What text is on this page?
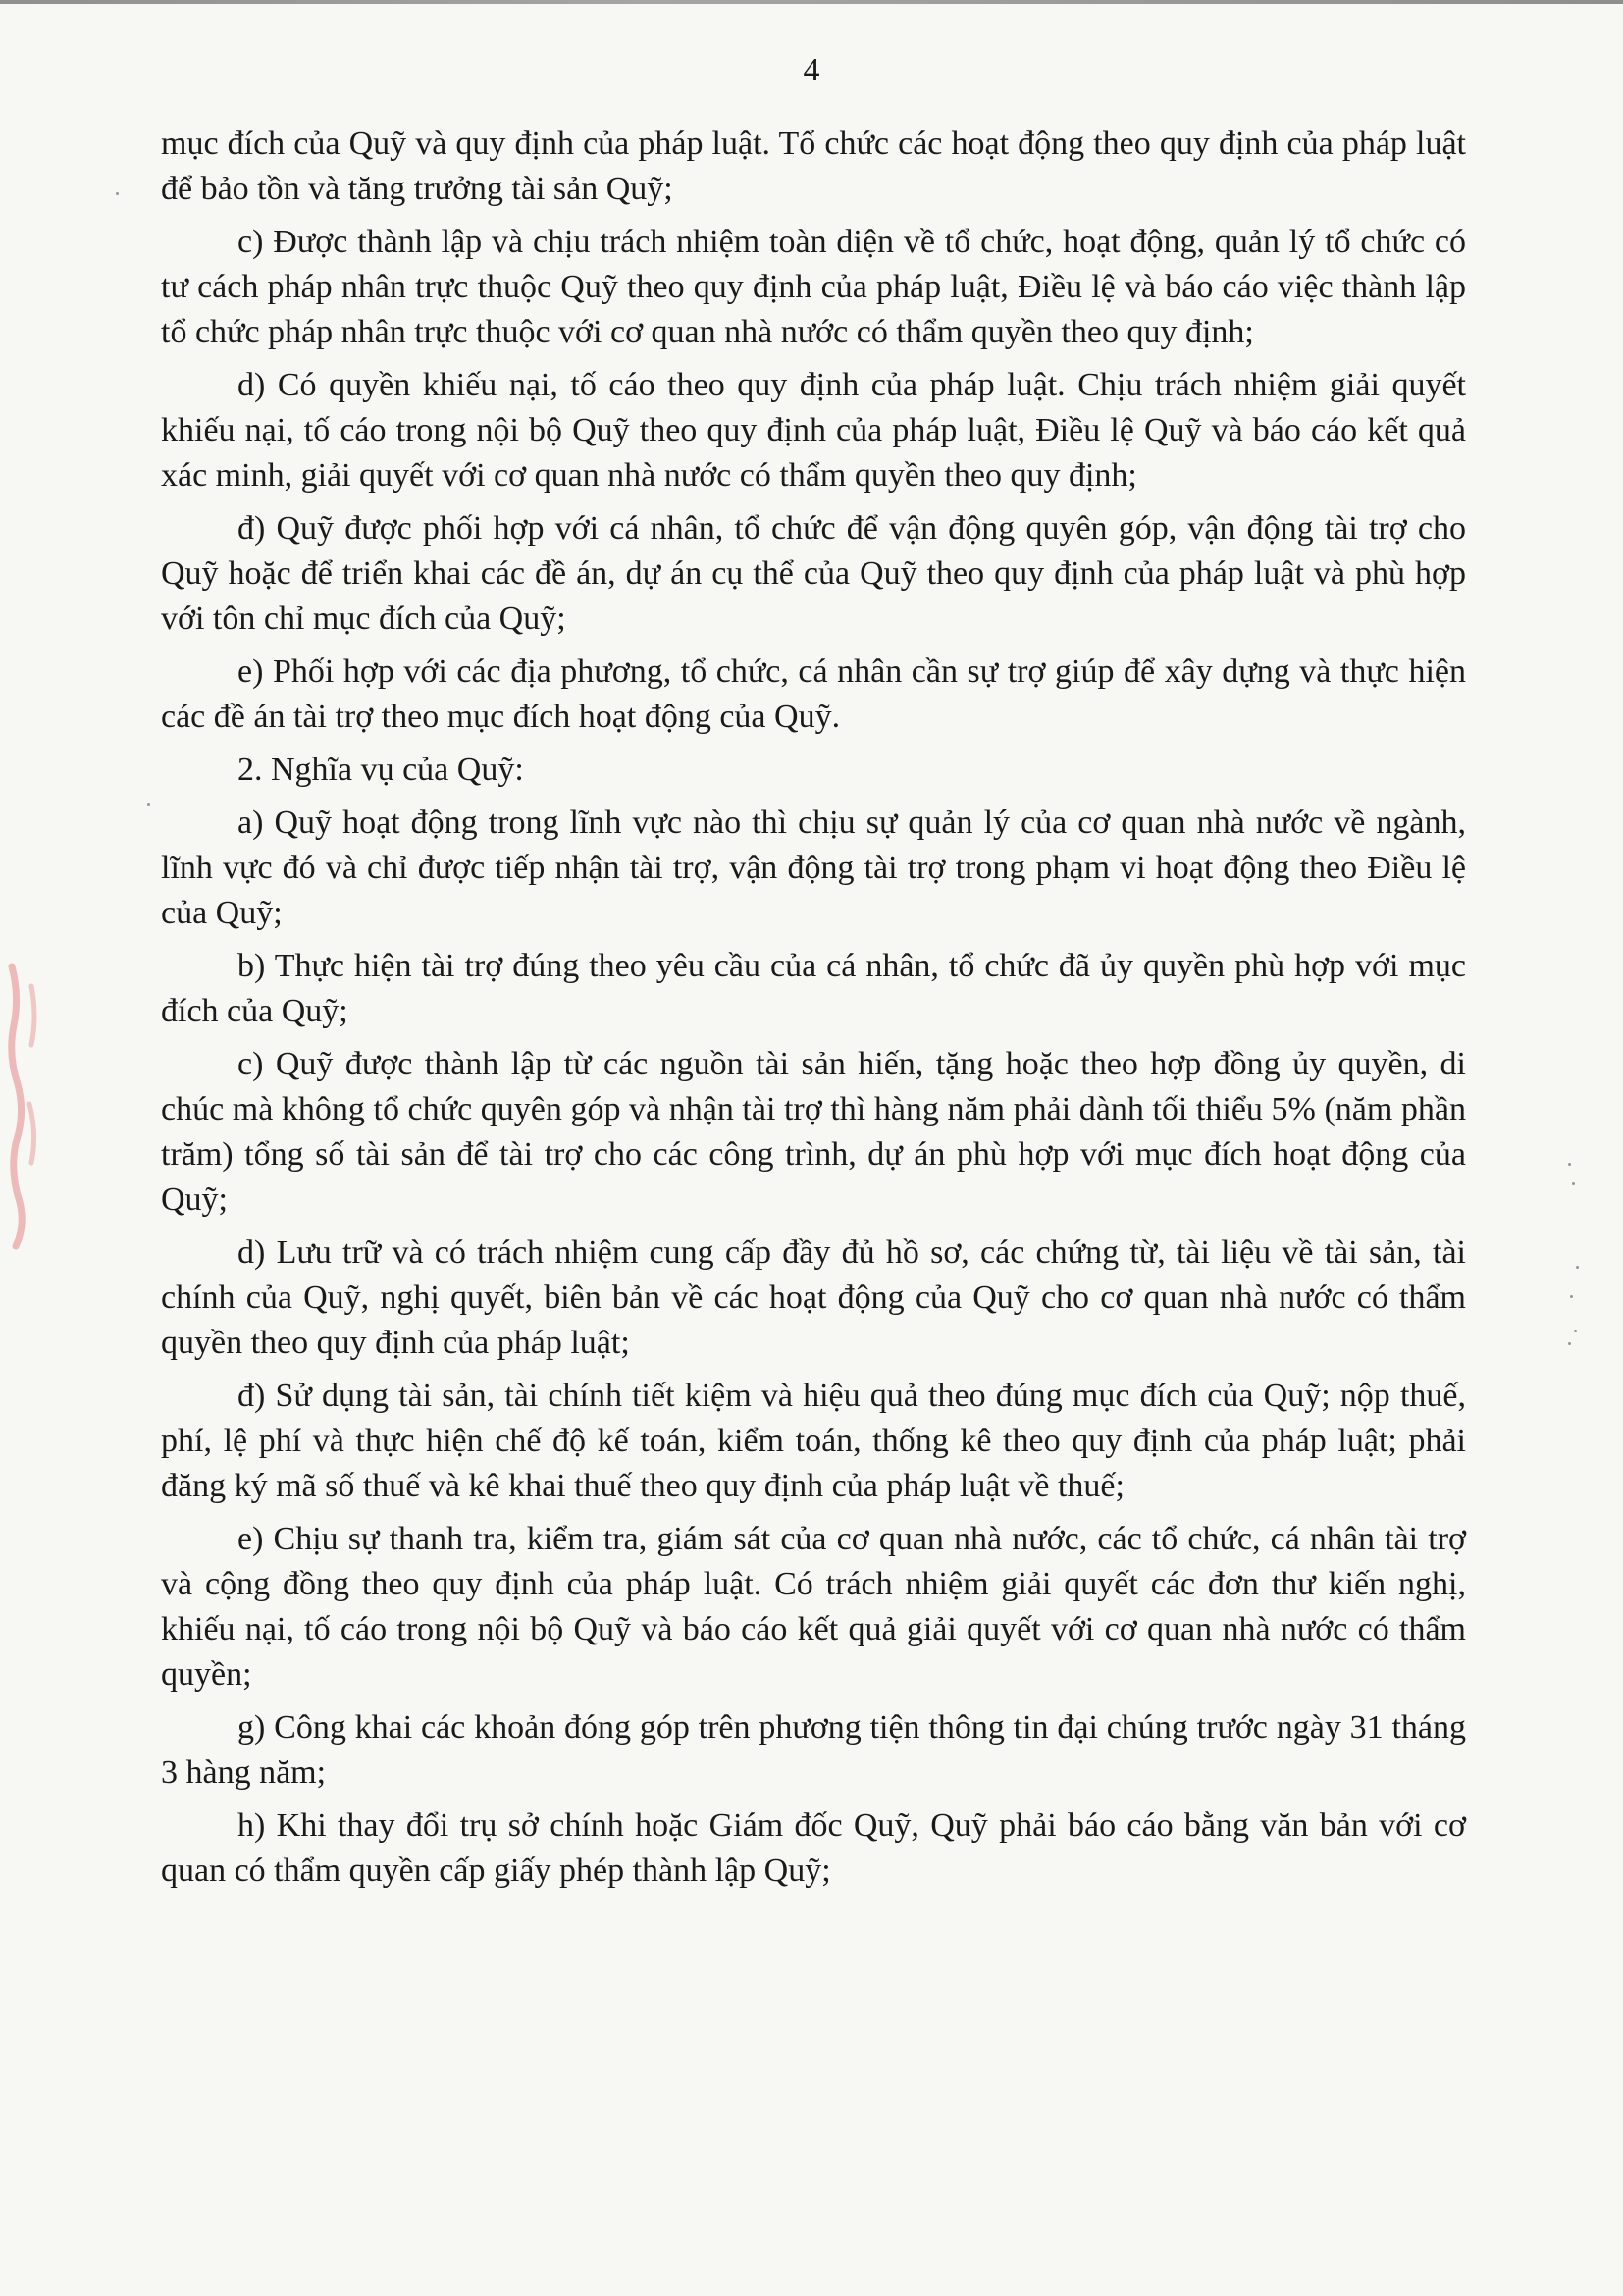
4

mục đích của Quỹ và quy định của pháp luật. Tổ chức các hoạt động theo quy định của pháp luật để bảo tồn và tăng trưởng tài sản Quỹ;

c) Được thành lập và chịu trách nhiệm toàn diện về tổ chức, hoạt động, quản lý tổ chức có tư cách pháp nhân trực thuộc Quỹ theo quy định của pháp luật, Điều lệ và báo cáo việc thành lập tổ chức pháp nhân trực thuộc với cơ quan nhà nước có thẩm quyền theo quy định;

d) Có quyền khiếu nại, tố cáo theo quy định của pháp luật. Chịu trách nhiệm giải quyết khiếu nại, tố cáo trong nội bộ Quỹ theo quy định của pháp luật, Điều lệ Quỹ và báo cáo kết quả xác minh, giải quyết với cơ quan nhà nước có thẩm quyền theo quy định;

đ) Quỹ được phối hợp với cá nhân, tổ chức để vận động quyên góp, vận động tài trợ cho Quỹ hoặc để triển khai các đề án, dự án cụ thể của Quỹ theo quy định của pháp luật và phù hợp với tôn chỉ mục đích của Quỹ;

e) Phối hợp với các địa phương, tổ chức, cá nhân cần sự trợ giúp để xây dựng và thực hiện các đề án tài trợ theo mục đích hoạt động của Quỹ.

2. Nghĩa vụ của Quỹ:

a) Quỹ hoạt động trong lĩnh vực nào thì chịu sự quản lý của cơ quan nhà nước về ngành, lĩnh vực đó và chỉ được tiếp nhận tài trợ, vận động tài trợ trong phạm vi hoạt động theo Điều lệ của Quỹ;

b) Thực hiện tài trợ đúng theo yêu cầu của cá nhân, tổ chức đã ủy quyền phù hợp với mục đích của Quỹ;

c) Quỹ được thành lập từ các nguồn tài sản hiến, tặng hoặc theo hợp đồng ủy quyền, di chúc mà không tổ chức quyên góp và nhận tài trợ thì hàng năm phải dành tối thiểu 5% (năm phần trăm) tổng số tài sản để tài trợ cho các công trình, dự án phù hợp với mục đích hoạt động của Quỹ;

d) Lưu trữ và có trách nhiệm cung cấp đầy đủ hồ sơ, các chứng từ, tài liệu về tài sản, tài chính của Quỹ, nghị quyết, biên bản về các hoạt động của Quỹ cho cơ quan nhà nước có thẩm quyền theo quy định của pháp luật;

đ) Sử dụng tài sản, tài chính tiết kiệm và hiệu quả theo đúng mục đích của Quỹ; nộp thuế, phí, lệ phí và thực hiện chế độ kế toán, kiểm toán, thống kê theo quy định của pháp luật; phải đăng ký mã số thuế và kê khai thuế theo quy định của pháp luật về thuế;

e) Chịu sự thanh tra, kiểm tra, giám sát của cơ quan nhà nước, các tổ chức, cá nhân tài trợ và cộng đồng theo quy định của pháp luật. Có trách nhiệm giải quyết các đơn thư kiến nghị, khiếu nại, tố cáo trong nội bộ Quỹ và báo cáo kết quả giải quyết với cơ quan nhà nước có thẩm quyền;

g) Công khai các khoản đóng góp trên phương tiện thông tin đại chúng trước ngày 31 tháng 3 hàng năm;

h) Khi thay đổi trụ sở chính hoặc Giám đốc Quỹ, Quỹ phải báo cáo bằng văn bản với cơ quan có thẩm quyền cấp giấy phép thành lập Quỹ;
